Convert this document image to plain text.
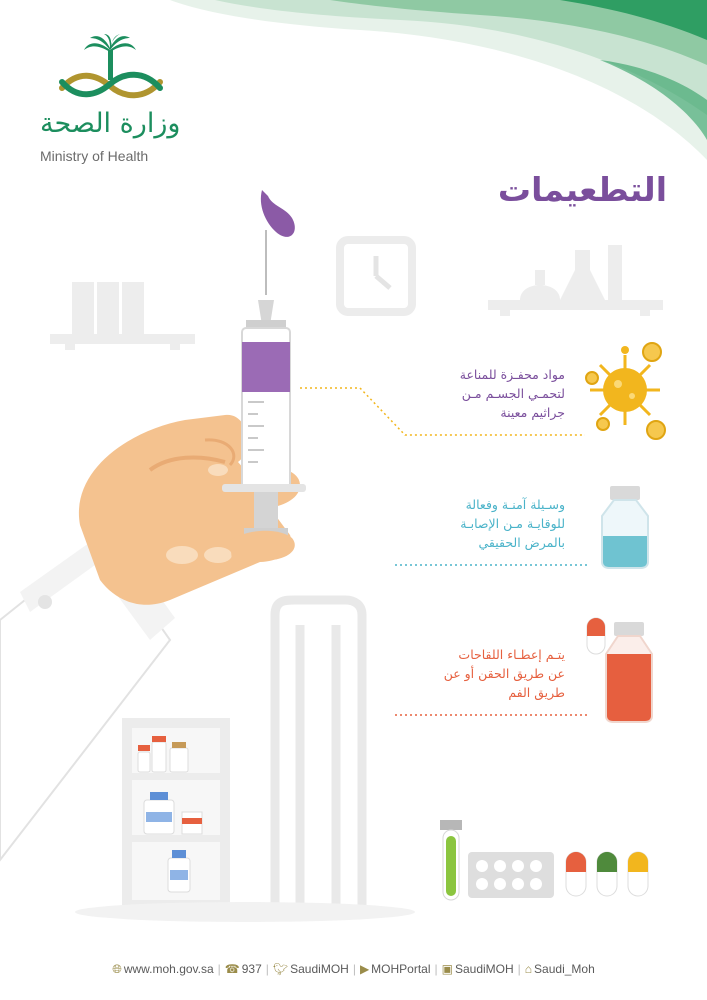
وزارة الصحة
Ministry of Health
التطعيمات
مواد محفـزة للمناعة
لتحمـي الجسـم مـن
جراثيم معينة
وسـيلة آمنـة وفعالة
للوقايـة مـن الإصابـة
بالمرض الحقيقي
يتـم إعطـاء اللقاحات
عن طريق الحقن أو عن
طريق الفم
🌐︎ www.moh.gov.sa | ☎︎ 937 | 🐦︎ SaudiMOH | ▶︎ MOHPortal | ▣ SaudiMOH | ⌂ Saudi_Moh
